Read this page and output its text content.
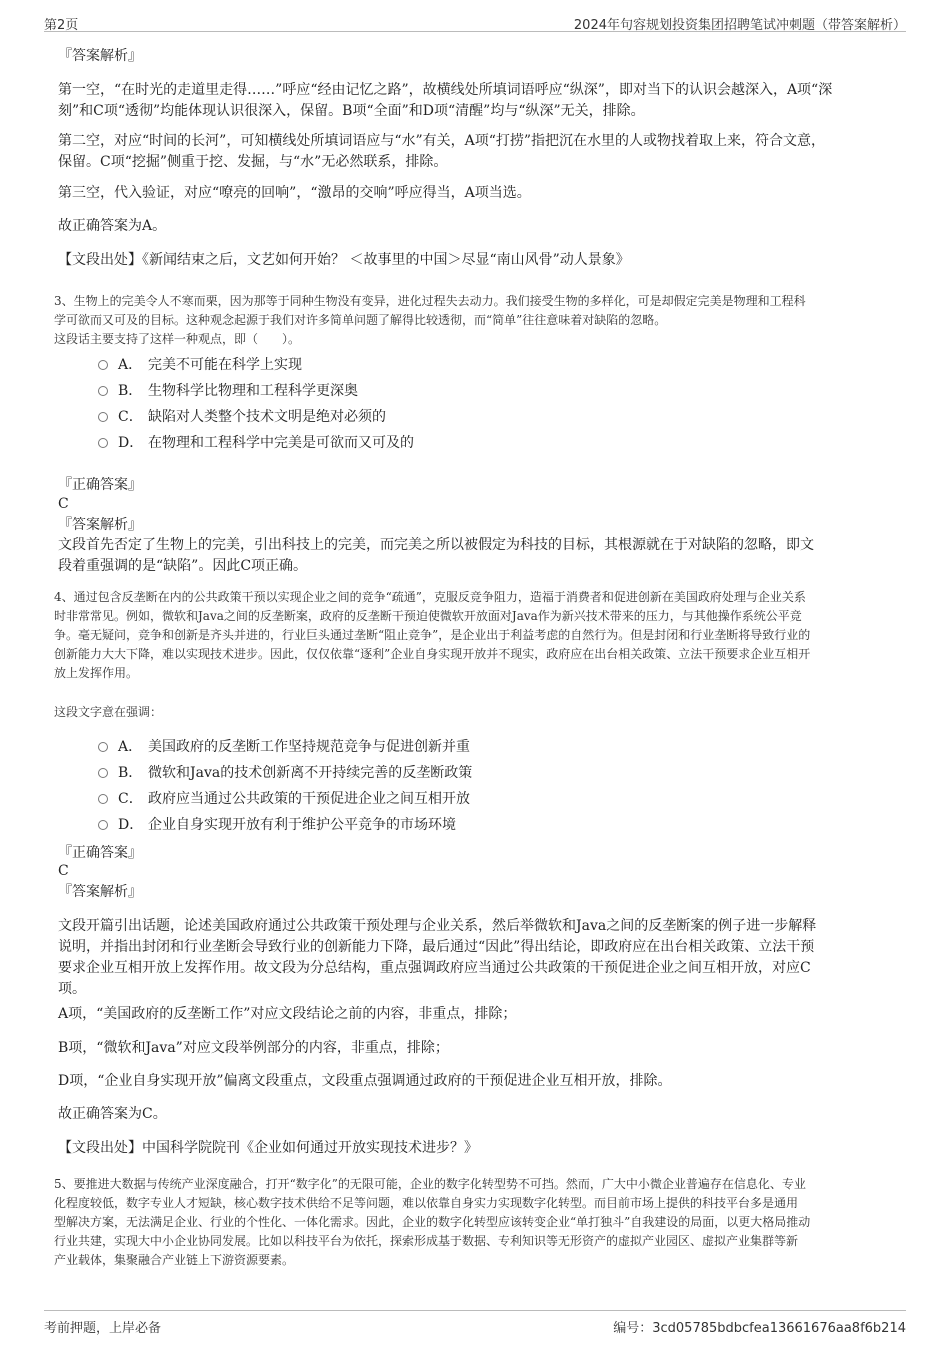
第2页	2024年句容规划投资集团招聘笔试冲刺题（带答案解析）
『答案解析』
第一空，“在时光的走道里走得……”呼应“经由记忆之路”，故横线处所填词语呼应“纵深”，即对当下的认识会越深入，A项“深
刻”和C项“透彻”均能体现认识很深入，保留。B项“全面”和D项“清醒”均与“纵深”无关，排除。
第二空，对应“时间的长河”，可知横线处所填词语应与“水”有关，A项“打捞”指把沉在水里的人或物找着取上来，符合文意，
保留。C项“挖掘”侧重于挖、发掘，与“水”无必然联系，排除。
第三空，代入验证，对应“嘹亮的回响”，“激昂的交响”呼应得当，A项当选。
故正确答案为A。
【文段出处】《新闻结束之后，文艺如何开始？ ＜故事里的中国＞尽显“南山风骨”动人景象》
3、生物上的完美令人不寒而栗，因为那等于同种生物没有变异，进化过程失去动力。我们接受生物的多样化，可是却假定完美是物理和工程科
学可欲而又可及的目标。这种观念起源于我们对许多简单问题了解得比较透彻，而“简单”往往意味着对缺陷的忽略。
这段话主要支持了这样一种观点，即（　　）。
A． 完美不可能在科学上实现
B． 生物科学比物理和工程科学更深奥
C． 缺陷对人类整个技术文明是绝对必须的
D． 在物理和工程科学中完美是可欲而又可及的
『正确答案』
C
『答案解析』
文段首先否定了生物上的完美，引出科技上的完美，而完美之所以被假定为科技的目标，其根源就在于对缺陷的忽略，即文
段着重强调的是“缺陷”。因此C项正确。
4、通过包含反垄断在内的公共政策干预以实现企业之间的竞争“疏通”，克服反竞争阻力，造福于消费者和促进创新在美国政府处理与企业关系
时非常常见。例如，微软和Java之间的反垄断案，政府的反垄断干预迫使微软开放面对Java作为新兴技术带来的压力，与其他操作系统公平竞
争。毫无疑问，竞争和创新是齐头并进的，行业巨头通过垄断“阻止竞争”，是企业出于利益考虑的自然行为。但是封闭和行业垄断将导致行业的
创新能力大大下降，难以实现技术进步。因此，仅仅依靠“逐利”企业自身实现开放并不现实，政府应在出台相关政策、立法干预要求企业互相开
放上发挥作用。
这段文字意在强调：
A． 美国政府的反垄断工作坚持规范竞争与促进创新并重
B． 微软和Java的技术创新离不开持续完善的反垄断政策
C． 政府应当通过公共政策的干预促进企业之间互相开放
D． 企业自身实现开放有利于维护公平竞争的市场环境
『正确答案』
C
『答案解析』
文段开篇引出话题，论述美国政府通过公共政策干预处理与企业关系，然后举微软和Java之间的反垄断案的例子进一步解释
说明，并指出封闭和行业垄断会导致行业的创新能力下降，最后通过“因此”得出结论，即政府应在出台相关政策、立法干预
要求企业互相开放上发挥作用。故文段为分总结构，重点强调政府应当通过公共政策的干预促进企业之间互相开放，对应C
项。
A项，“美国政府的反垄断工作”对应文段结论之前的内容，非重点，排除；
B项，“微软和Java”对应文段举例部分的内容，非重点，排除；
D项，“企业自身实现开放”偏离文段重点，文段重点强调通过政府的干预促进企业互相开放，排除。
故正确答案为C。
【文段出处】中国科学院院刊《企业如何通过开放实现技术进步？》
5、要推进大数据与传统产业深度融合，打开“数字化”的无限可能，企业的数字化转型势不可挡。然而，广大中小微企业普遍存在信息化、专业
化程度较低，数字专业人才短缺，核心数字技术供给不足等问题，难以依靠自身实力实现数字化转型。而目前市场上提供的科技平台多是通用
型解决方案，无法满足企业、行业的个性化、一体化需求。因此，企业的数字化转型应该转变企业“单打独斗”自我建设的局面，以更大格局推动
行业共建，实现大中小企业协同发展。比如以科技平台为依托，探索形成基于数据、专利知识等无形资产的虚拟产业园区、虚拟产业集群等新
产业载体，集聚融合产业链上下游资源要素。
考前押题，上岸必备	编号：3cd05785bdbcfea13661676aa8f6b214
